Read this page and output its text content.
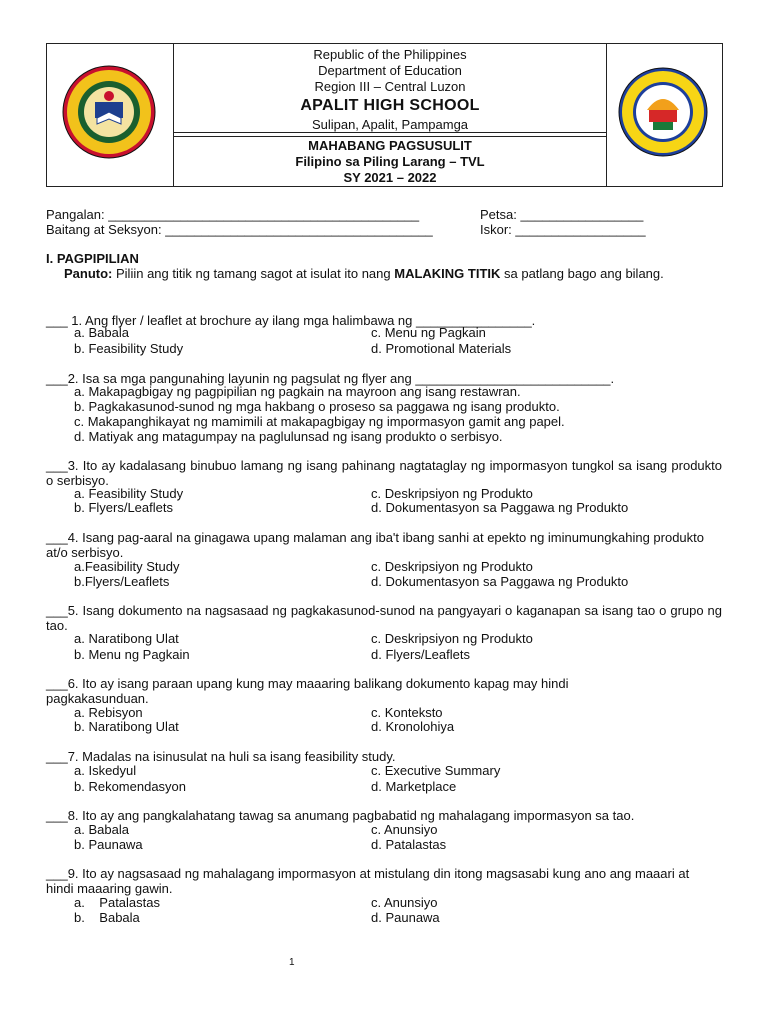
Republic of the Philippines
Department of Education
Region III – Central Luzon
APALIT HIGH SCHOOL
Sulipan, Apalit, Pampamga
MAHABANG PAGSUSULIT
Filipino sa Piling Larang – TVL
SY 2021 – 2022
Pangalan: ___________________________________________
Baitang at Seksyon: _____________________________________
Petsa: _________________
Iskor: __________________
I. PAGPIPILIAN
Panuto: Piliin ang titik ng tamang sagot at isulat ito nang MALAKING TITIK sa patlang bago ang bilang.
___ 1. Ang flyer / leaflet at brochure ay ilang mga halimbawa ng ________________.
a. Babala	c. Menu ng Pagkain
b. Feasibility Study	d. Promotional Materials
___2. Isa sa mga pangunahing layunin ng pagsulat ng flyer ang ___________________________.
a. Makapagbigay ng pagpipilian ng pagkain na mayroon ang isang restawran.
b. Pagkakasunod-sunod ng mga hakbang o proseso sa paggawa ng isang produkto.
c. Makapanghikayat ng mamimili at makapagbigay ng impormasyon gamit ang papel.
d. Matiyak ang matagumpay na paglulunsad ng isang produkto o serbisyo.
___3. Ito ay kadalasang binubuo lamang ng isang pahinang nagtataglay ng impormasyon tungkol sa isang produkto o serbisyo.
a. Feasibility Study	c. Deskripsiyon ng Produkto
b. Flyers/Leaflets	d. Dokumentasyon sa Paggawa ng Produkto
___4. Isang pag-aaral na ginagawa upang malaman ang iba't ibang sanhi at epekto ng iminumungkahing produkto at/o serbisyo.
a.Feasibility Study	c. Deskripsiyon ng Produkto
b.Flyers/Leaflets	d. Dokumentasyon sa Paggawa ng Produkto
___5. Isang dokumento na nagsasaad ng pagkakasunod-sunod na pangyayari o kaganapan sa isang tao o grupo ng tao.
a. Naratibong Ulat	c. Deskripsiyon ng Produkto
b. Menu ng Pagkain	d. Flyers/Leaflets
___6. Ito ay isang paraan upang kung may maaaring balikang dokumento kapag may hindi pagkakasunduan.
a. Rebisyon	c. Konteksto
b. Naratibong Ulat	d. Kronolohiya
___7. Madalas na isinusulat na huli sa isang feasibility study.
a. Iskedyul	c. Executive Summary
b. Rekomendasyon	d. Marketplace
___8. Ito ay ang pangkalahatang tawag sa anumang pagbabatid ng mahalagang impormasyon sa tao.
a. Babala	c. Anunsiyo
b. Paunawa	d. Patalastas
___9. Ito ay nagsasaad ng mahalagang impormasyon at mistulang din itong magsasabi kung ano ang maaari at hindi maaaring gawin.
a.    Patalastas	c. Anunsiyo
b.    Babala	d. Paunawa
1
